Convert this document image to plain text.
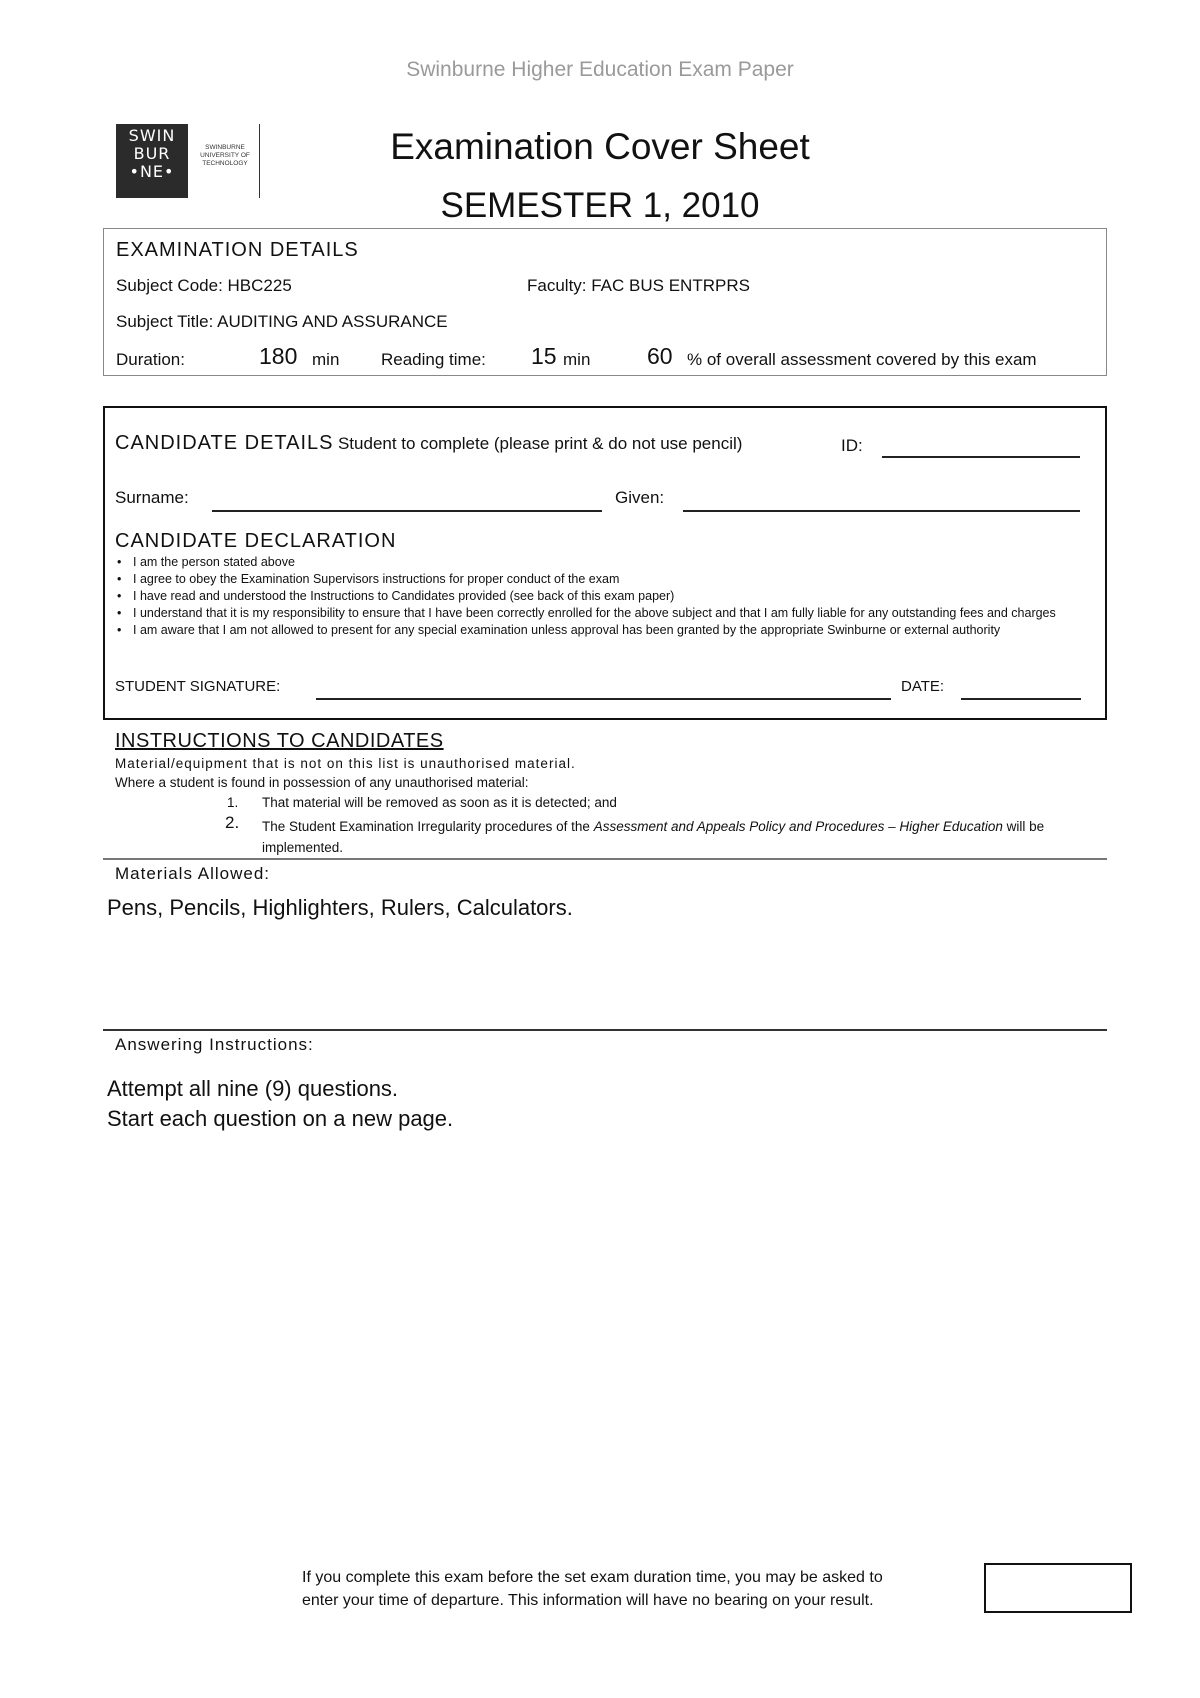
Swinburne Higher Education Exam Paper
SWIN
BUR
•NE•
SWINBURNE
UNIVERSITY OF
TECHNOLOGY	Examination Cover Sheet
SEMESTER 1, 2010
EXAMINATION DETAILS
Subject Code: HBC225	Faculty: FAC BUS ENTRPRS
Subject Title: AUDITING AND ASSURANCE
Duration:	180 min Reading time: 15 min 60 % of overall assessment covered by this exam
CANDIDATE DETAILS Student to complete (please print & do not use pencil)	ID:
Surname:	Given:
CANDIDATE DECLARATION
• I am the person stated above
• I agree to obey the Examination Supervisors instructions for proper conduct of the exam
• I have read and understood the Instructions to Candidates provided (see back of this exam paper)
• I understand that it is my responsibility to ensure that I have been correctly enrolled for the above subject and that I am fully liable for any outstanding fees and charges
• I am aware that I am not allowed to present for any special examination unless approval has been granted by the appropriate Swinburne or external authority
STUDENT SIGNATURE:	DATE:
INSTRUCTIONS TO CANDIDATES
Material/equipment that is not on this list is unauthorised material.
Where a student is found in possession of any unauthorised material:
1. That material will be removed as soon as it is detected; and
2. The Student Examination Irregularity procedures of the Assessment and Appeals Policy and Procedures – Higher Education will be implemented.
Materials Allowed:
Pens, Pencils, Highlighters, Rulers, Calculators.
Answering Instructions:
Attempt all nine (9) questions.
Start each question on a new page.
If you complete this exam before the set exam duration time, you may be asked to
enter your time of departure. This information will have no bearing on your result.
